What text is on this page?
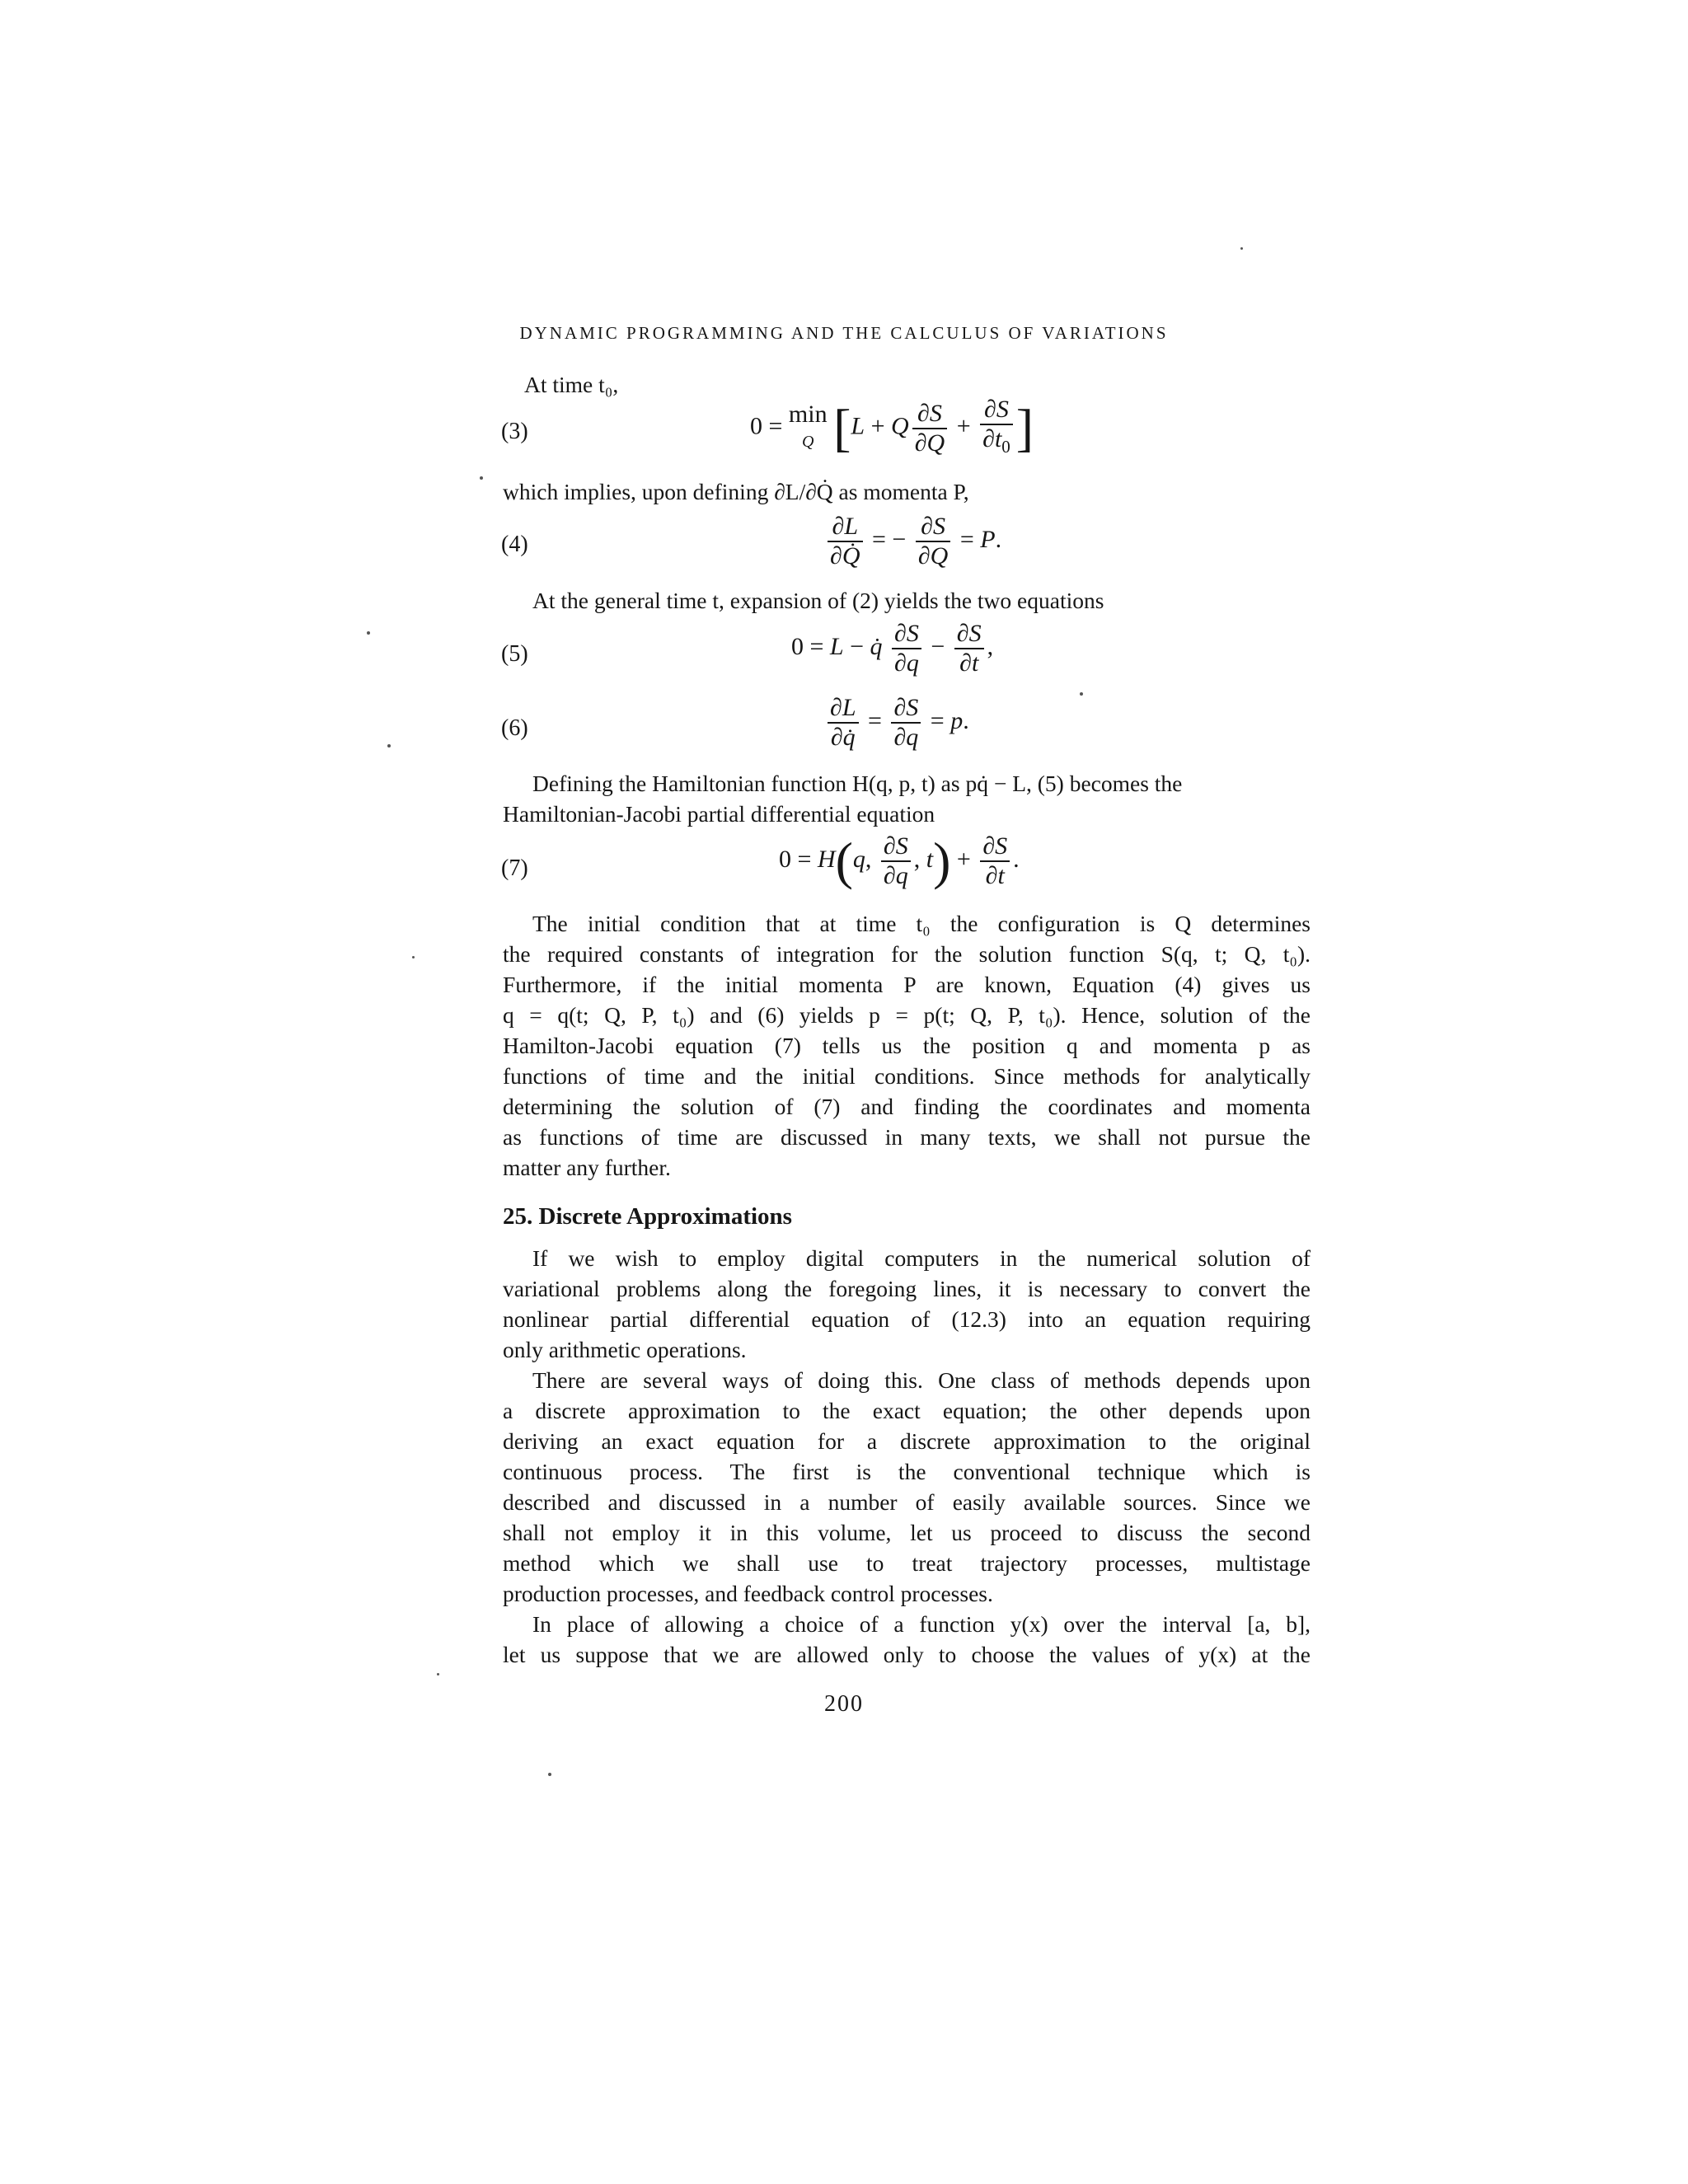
DYNAMIC PROGRAMMING AND THE CALCULUS OF VARIATIONS
At time t₀,
(3)	0 = min
Q [L + Q $\frac{\partial S}{\partial Q} + \frac{\partial S}{\partial t_0}$ ]
which implies, upon defining ∂L/∂Q̇ as momenta P,
(4)	$\frac{\partial L}{\partial Q̇}$ = − $\frac{\partial S}{\partial Q} = P$.
At the general time t, expansion of (2) yields the two equations
(5)	0 = L − q̇ $\frac{\partial S}{\partial q} - \frac{\partial S}{\partial t}$ ,
(6)	$\frac{\partial L}{\partial q̇} = \frac{\partial S}{\partial q} = p$.
Defining the Hamiltonian function H(q, p, t) as pq̇ − L, (5) becomes the
Hamiltonian-Jacobi partial differential equation
(7)	0 = H(q, $\frac{\partial S}{\partial q}$ , $t) + \frac{\partial S}{\partial t}$ .
The initial condition that at time t₀ the configuration is Q determines
the required constants of integration for the solution function S(q, t; Q, t₀).
Furthermore, if the initial momenta P are known, Equation (4) gives us
q = q(t; Q, P, t₀) and (6) yields p = p(t; Q, P, t₀). Hence, solution of the
Hamilton-Jacobi equation (7) tells us the position q and momenta p as
functions of time and the initial conditions. Since methods for analytically
determining the solution of (7) and finding the coordinates and momenta
as functions of time are discussed in many texts, we shall not pursue the
matter any further.
25. Discrete Approximations
If we wish to employ digital computers in the numerical solution of
variational problems along the foregoing lines, it is necessary to convert the
nonlinear partial differential equation of (12.3) into an equation requiring
only arithmetic operations.
There are several ways of doing this. One class of methods depends upon
a discrete approximation to the exact equation; the other depends upon
deriving an exact equation for a discrete approximation to the original
continuous process. The first is the conventional technique which is
described and discussed in a number of easily available sources. Since we
shall not employ it in this volume, let us proceed to discuss the second
method which we shall use to treat trajectory processes, multistage
production processes, and feedback control processes.
In place of allowing a choice of a function y(x) over the interval [a, b],
let us suppose that we are allowed only to choose the values of y(x) at the
200
